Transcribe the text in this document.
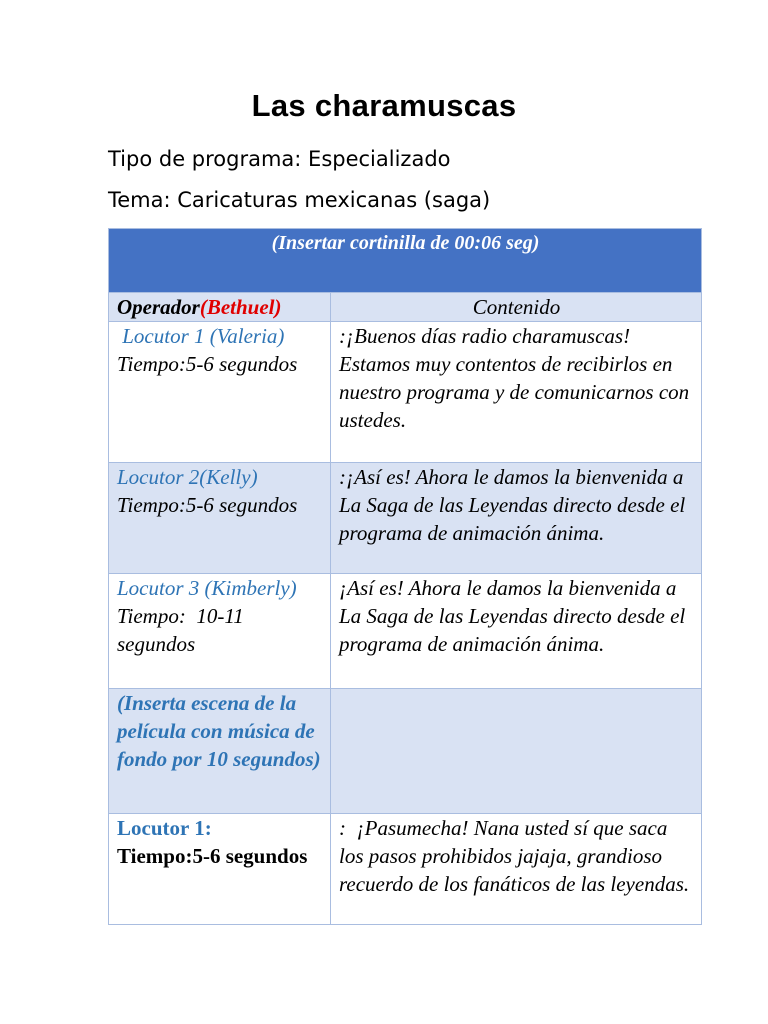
Las charamuscas
Tipo de programa: Especializado
Tema: Caricaturas mexicanas (saga)
(Insertar cortinilla de 00:06 seg)	
Operador(Bethuel)	Contenido

Locutor 1 (Valeria)
Tiempo:5-6 segundos	:¡Buenos días radio charamuscas! Estamos muy contentos de recibirlos en nuestro programa y de comunicarnos con ustedes.

Locutor 2(Kelly)
Tiempo:5-6 segundos	:¡Así es! Ahora le damos la bienvenida a La Saga de las Leyendas directo desde el programa de animación ánima.

Locutor 3 (Kimberly)
Tiempo:  10-11 segundos	¡Así es! Ahora le damos la bienvenida a La Saga de las Leyendas directo desde el programa de animación ánima.
(Inserta escena de la película con música de fondo por 10 segundos)	

Locutor 1:
Tiempo:5-6 segundos	:  ¡Pasumecha! Nana usted sí que saca los pasos prohibidos jajaja, grandioso recuerdo de los fanáticos de las leyendas.
